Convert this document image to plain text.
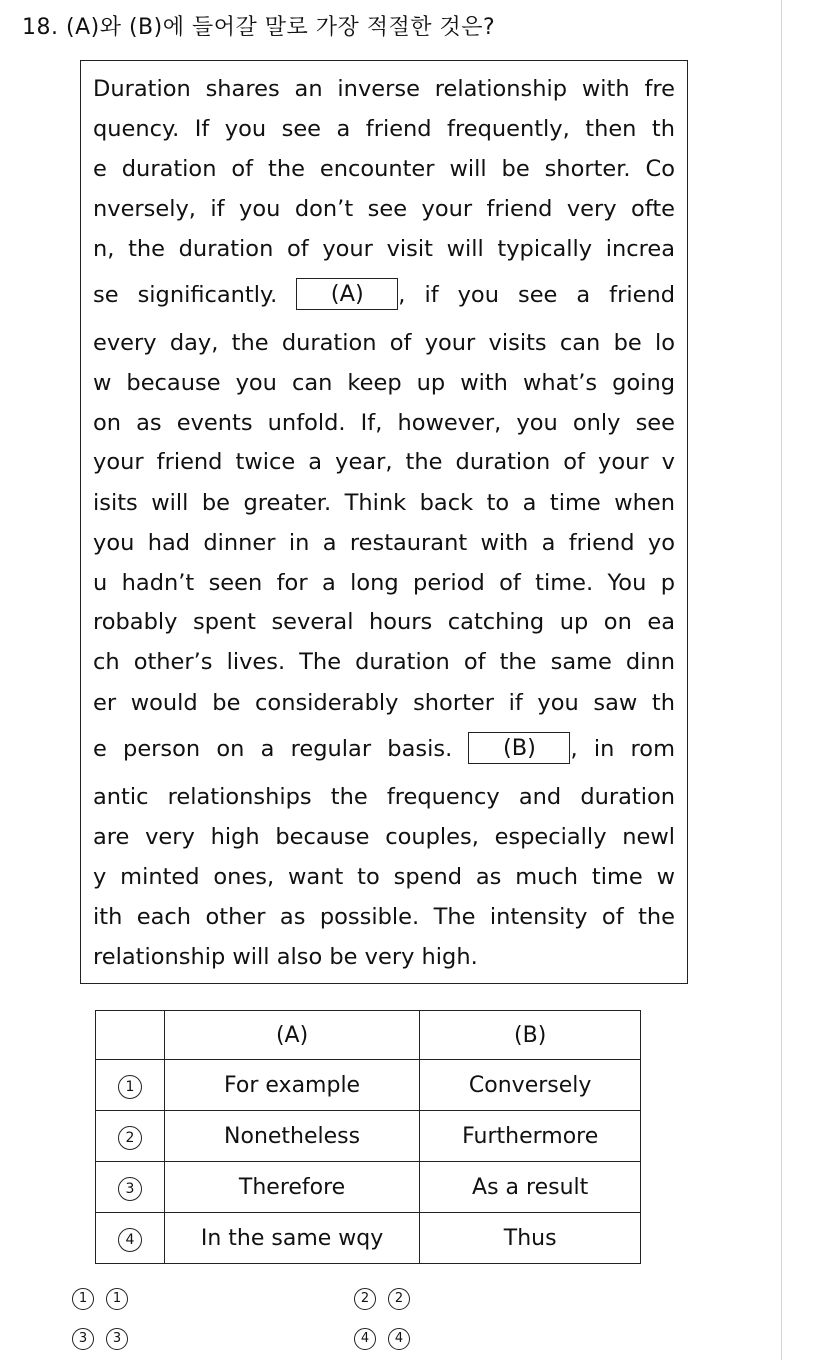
18. (A)와 (B)에 들어갈 말로 가장 적절한 것은?
Duration shares an inverse relationship with fre
quency. If you see a friend frequently, then th
e duration of the encounter will be shorter. Co
nversely, if you don’t see your friend very ofte
n, the duration of your visit will typically increa
se significantly. (A) , if you see a friend
every day, the duration of your visits can be lo
w because you can keep up with what’s going
on as events unfold. If, however, you only see
your friend twice a year, the duration of your v
isits will be greater. Think back to a time when
you had dinner in a restaurant with a friend yo
u hadn’t seen for a long period of time. You p
robably spent several hours catching up on ea
ch other’s lives. The duration of the same dinn
er would be considerably shorter if you saw th
e person on a regular basis. (B) , in rom
antic relationships the frequency and duration
are very high because couples, especially newl
y minted ones, want to spend as much time w
ith each other as possible. The intensity of the
relationship will also be very high.
	(A)	(B)
1	For example	Conversely
2	Nonetheless	Furthermore
3	Therefore	As a result
4	In the same wqy	Thus
1	1	2	2
3	3	4	4
